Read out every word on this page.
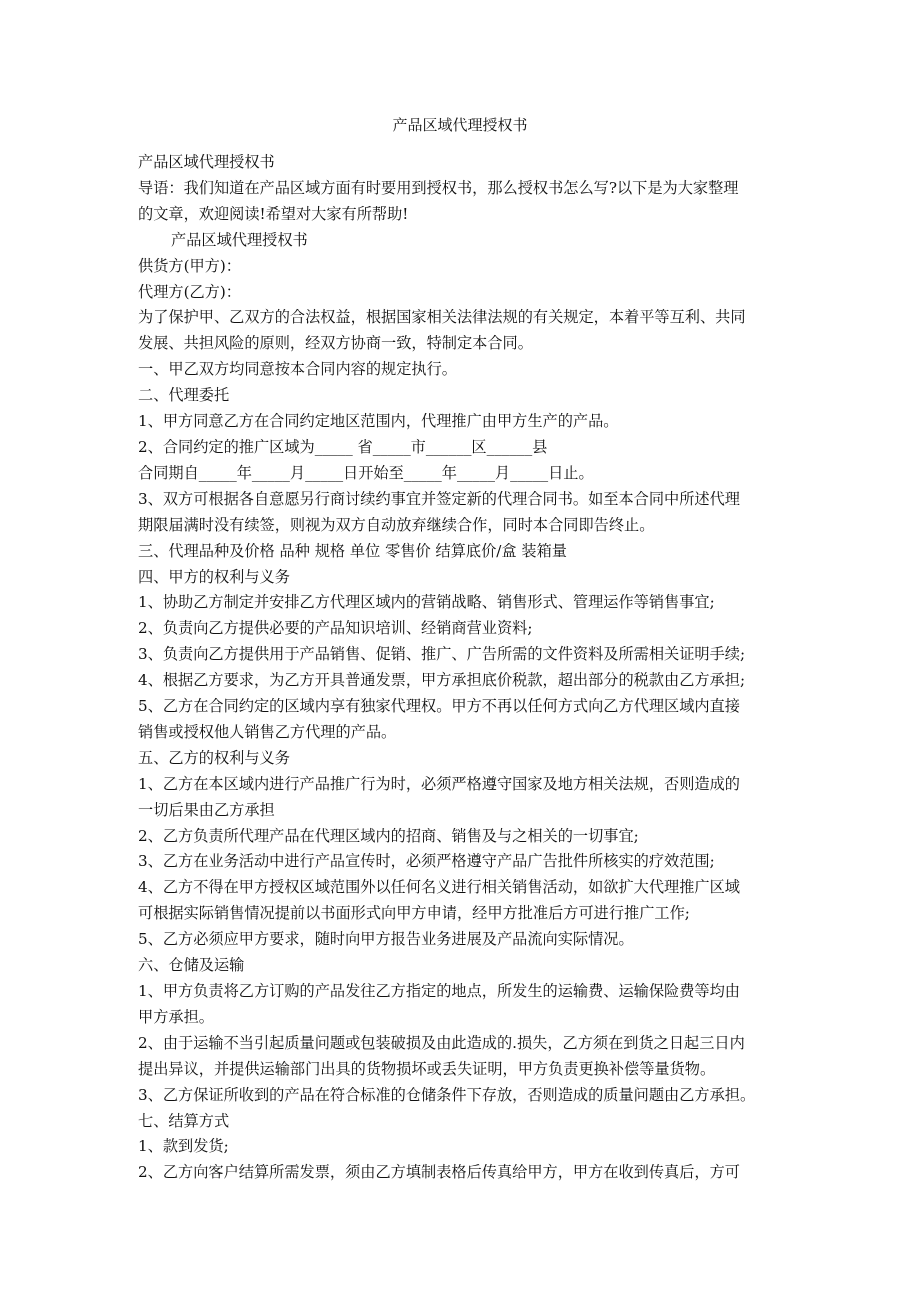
产品区域代理授权书
产品区域代理授权书
导语：我们知道在产品区域方面有时要用到授权书，那么授权书怎么写?以下是为大家整理
的文章，欢迎阅读!希望对大家有所帮助!
产品区域代理授权书
供货方(甲方)：
代理方(乙方)：
为了保护甲、乙双方的合法权益，根据国家相关法律法规的有关规定，本着平等互利、共同
发展、共担风险的原则，经双方协商一致，特制定本合同。
一、甲乙双方均同意按本合同内容的规定执行。
二、代理委托
1、甲方同意乙方在合同约定地区范围内，代理推广由甲方生产的产品。
2、合同约定的推广区域为_____ 省_____市______区______县
合同期自_____年_____月_____日开始至_____年_____月_____日止。
3、双方可根据各自意愿另行商讨续约事宜并签定新的代理合同书。如至本合同中所述代理
期限届满时没有续签，则视为双方自动放弃继续合作，同时本合同即告终止。
三、代理品种及价格 品种 规格 单位 零售价 结算底价/盒 装箱量
四、甲方的权利与义务
1、协助乙方制定并安排乙方代理区域内的营销战略、销售形式、管理运作等销售事宜;
2、负责向乙方提供必要的产品知识培训、经销商营业资料;
3、负责向乙方提供用于产品销售、促销、推广、广告所需的文件资料及所需相关证明手续;
4、根据乙方要求，为乙方开具普通发票，甲方承担底价税款，超出部分的税款由乙方承担;
5、乙方在合同约定的区域内享有独家代理权。甲方不再以任何方式向乙方代理区域内直接
销售或授权他人销售乙方代理的产品。
五、乙方的权利与义务
1、乙方在本区域内进行产品推广行为时，必须严格遵守国家及地方相关法规，否则造成的
一切后果由乙方承担
2、乙方负责所代理产品在代理区域内的招商、销售及与之相关的一切事宜;
3、乙方在业务活动中进行产品宣传时，必须严格遵守产品广告批件所核实的疗效范围;
4、乙方不得在甲方授权区域范围外以任何名义进行相关销售活动，如欲扩大代理推广区域
可根据实际销售情况提前以书面形式向甲方申请，经甲方批准后方可进行推广工作;
5、乙方必须应甲方要求，随时向甲方报告业务进展及产品流向实际情况。
六、仓储及运输
1、甲方负责将乙方订购的产品发往乙方指定的地点，所发生的运输费、运输保险费等均由
甲方承担。
2、由于运输不当引起质量问题或包装破损及由此造成的.损失，乙方须在到货之日起三日内
提出异议，并提供运输部门出具的货物损坏或丢失证明，甲方负责更换补偿等量货物。
3、乙方保证所收到的产品在符合标准的仓储条件下存放，否则造成的质量问题由乙方承担。
七、结算方式
1、款到发货;
2、乙方向客户结算所需发票，须由乙方填制表格后传真给甲方，甲方在收到传真后，方可
